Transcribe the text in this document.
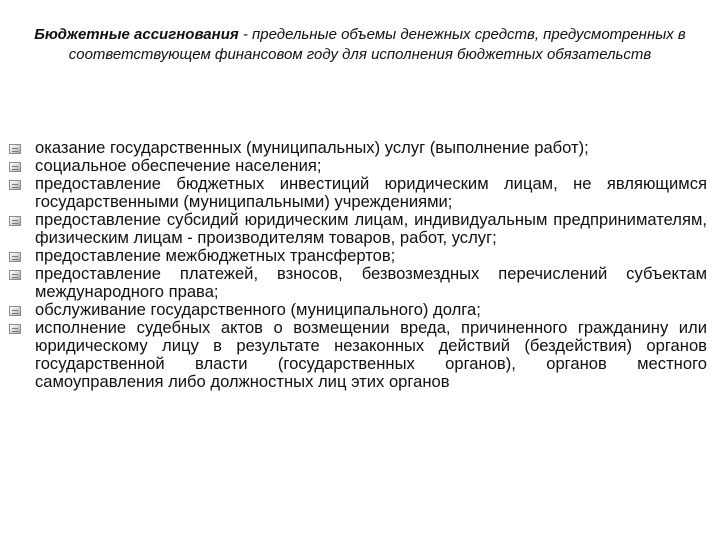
Бюджетные ассигнования - предельные объемы денежных средств, предусмотренных в соответствующем финансовом году для исполнения бюджетных обязательств
оказание государственных (муниципальных) услуг (выполнение работ);
социальное обеспечение населения;
предоставление бюджетных инвестиций юридическим лицам, не являющимся государственными (муниципальными) учреждениями;
предоставление субсидий юридическим лицам, индивидуальным предпринимателям, физическим лицам - производителям товаров, работ, услуг;
предоставление межбюджетных трансфертов;
предоставление платежей, взносов, безвозмездных перечислений субъектам международного права;
обслуживание государственного (муниципального) долга;
исполнение судебных актов о возмещении вреда, причиненного гражданину или юридическому лицу в результате незаконных действий (бездействия) органов государственной власти (государственных органов), органов местного самоуправления либо должностных лиц этих органов
